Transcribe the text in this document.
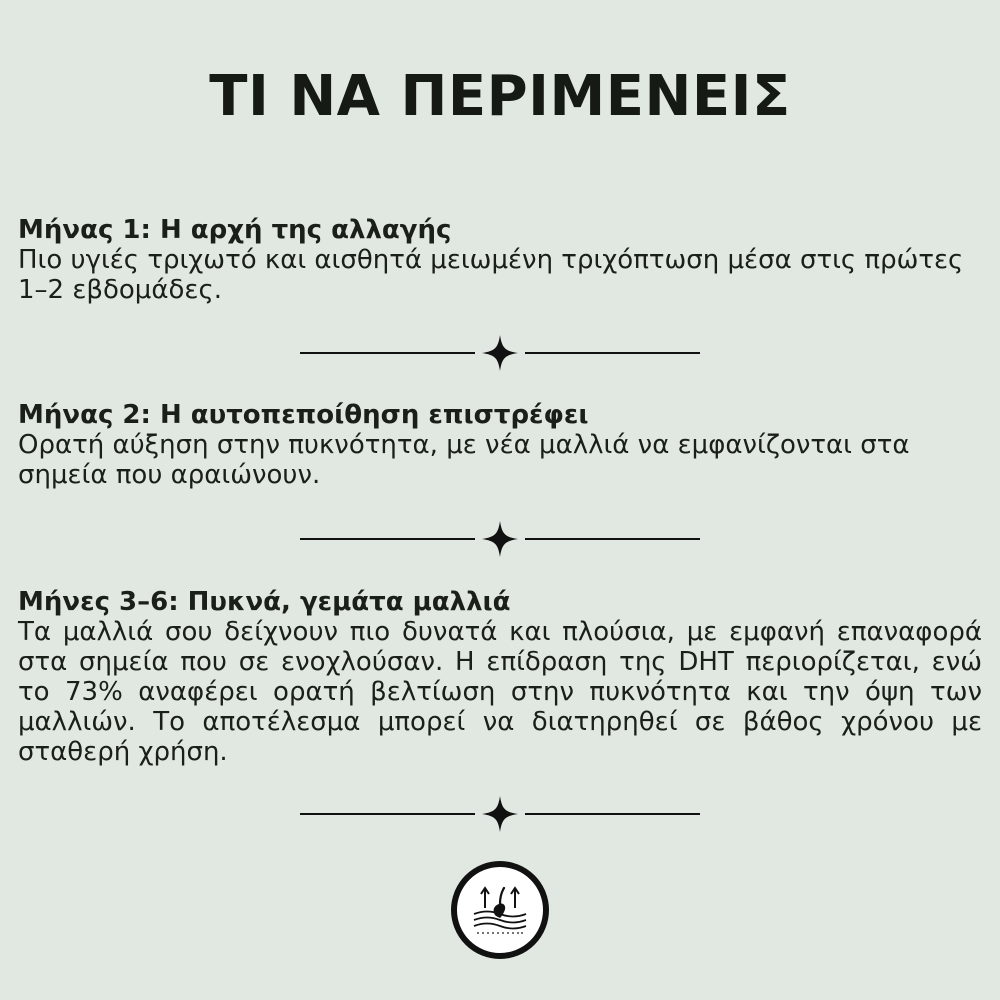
ΤΙ ΝΑ ΠΕΡΙΜΕΝΕΙΣ

Μήνας 1: Η αρχή της αλλαγής

Πιο υγιές τριχωτό και αισθητά μειωμένη τριχόπτωση μέσα στις πρώτες 1–2 εβδομάδες.

Μήνας 2: Η αυτοπεποίθηση επιστρέφει

Ορατή αύξηση στην πυκνότητα, με νέα μαλλιά να εμφανίζονται στα σημεία που αραιώνουν.

Μήνες 3–6: Πυκνά, γεμάτα μαλλιά

Τα μαλλιά σου δείχνουν πιο δυνατά και πλούσια, με εμφανή επαναφορά στα σημεία που σε ενοχλούσαν. Η επίδραση της DHT περιορίζεται, ενώ το 73% αναφέρει ορατή βελτίωση στην πυκνότητα και την όψη των μαλλιών. Το αποτέλεσμα μπορεί να διατηρηθεί σε βάθος χρόνου με σταθερή χρήση.
